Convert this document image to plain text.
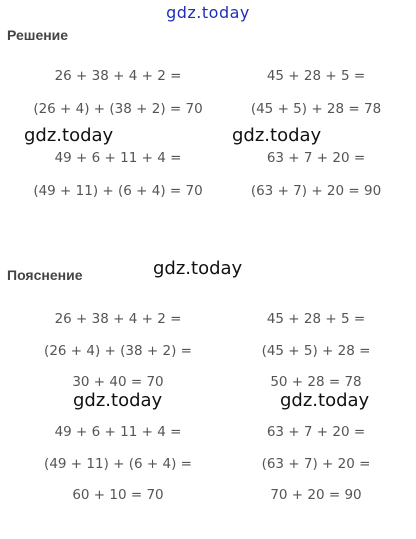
gdz.today
Решение
26 + 38 + 4 + 2 =
(26 + 4) + (38 + 2) = 70
49 + 6 + 11 + 4 =
(49 + 11) + (6 + 4) = 70
45 + 28 + 5 =
(45 + 5) + 28 = 78
63 + 7 + 20 =
(63 + 7) + 20 = 90
Пояснение
26 + 38 + 4 + 2 =
(26 + 4) + (38 + 2) =
30 + 40 = 70
49 + 6 + 11 + 4 =
(49 + 11) + (6 + 4) =
60 + 10 = 70
45 + 28 + 5 =
(45 + 5) + 28 =
50 + 28 = 78
63 + 7 + 20 =
(63 + 7) + 20 =
70 + 20 = 90
gdz.today	gdz.today
gdz.today
gdz.today	gdz.today
